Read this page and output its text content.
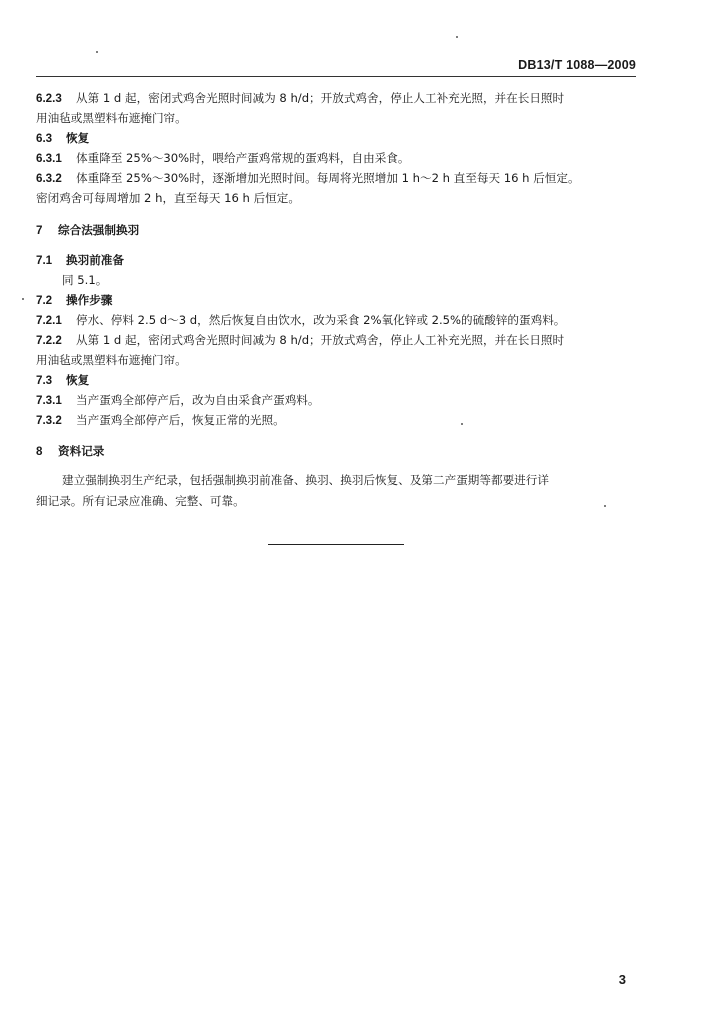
DB13/T 1088—2009
6.2.3 从第 1 d 起，密闭式鸡舍光照时间减为 8 h/d；开放式鸡舍，停止人工补充光照，并在长日照时
用油毡或黑塑料布遮掩门帘。
6.3 恢复
6.3.1 体重降至 25%～30%时，喂给产蛋鸡常规的蛋鸡料，自由采食。
6.3.2 体重降至 25%～30%时，逐渐增加光照时间。每周将光照增加 1 h～2 h 直至每天 16 h 后恒定。
密闭鸡舍可每周增加 2 h，直至每天 16 h 后恒定。
7 综合法强制换羽
7.1 换羽前准备
同 5.1。
7.2 操作步骤
7.2.1 停水、停料 2.5 d～3 d，然后恢复自由饮水，改为采食 2%氧化锌或 2.5%的硫酸锌的蛋鸡料。
7.2.2 从第 1 d 起，密闭式鸡舍光照时间减为 8 h/d；开放式鸡舍，停止人工补充光照，并在长日照时
用油毡或黑塑料布遮掩门帘。
7.3 恢复
7.3.1 当产蛋鸡全部停产后，改为自由采食产蛋鸡料。
7.3.2 当产蛋鸡全部停产后，恢复正常的光照。
8 资料记录
建立强制换羽生产纪录，包括强制换羽前准备、换羽、换羽后恢复、及第二产蛋期等都要进行详
细记录。所有记录应准确、完整、可靠。
3
